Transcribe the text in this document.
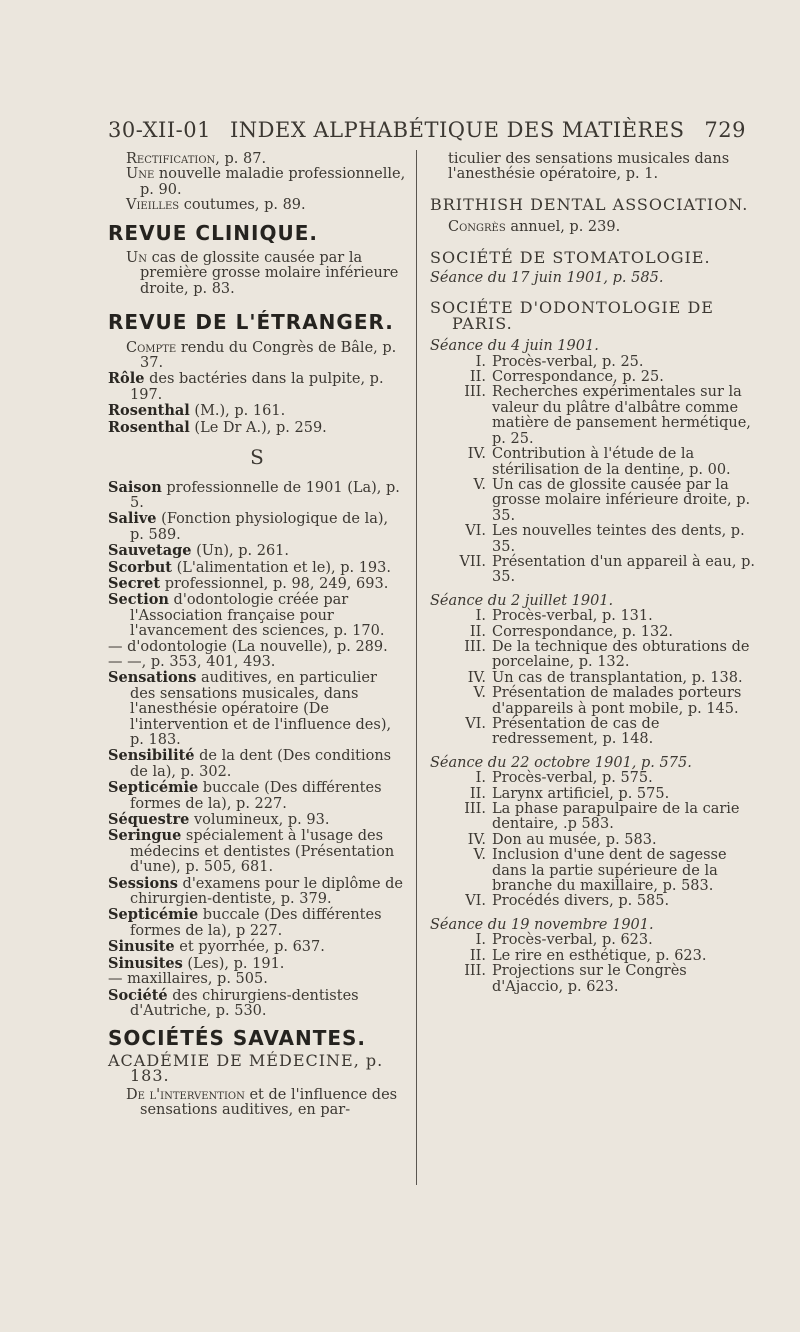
30-XII-01 INDEX ALPHABÉTIQUE DES MATIÈRES 729

Rectification, p. 87.

Une nouvelle maladie professionnelle, p. 90.

Vieilles coutumes, p. 89.

REVUE CLINIQUE.

Un cas de glossite causée par la première grosse molaire inférieure droite, p. 83.

REVUE DE L'ÉTRANGER.

Compte rendu du Congrès de Bâle, p. 37.

Rôle des bactéries dans la pulpite, p. 197.

Rosenthal (M.), p. 161.

Rosenthal (Le Dr A.), p. 259.

S

Saison professionnelle de 1901 (La), p. 5.

Salive (Fonction physiologique de la), p. 589.

Sauvetage (Un), p. 261.

Scorbut (L'alimentation et le), p. 193.

Secret professionnel, p. 98, 249, 693.

Section d'odontologie créée par l'Association française pour l'avancement des sciences, p. 170.

— d'odontologie (La nouvelle), p. 289.

— —, p. 353, 401, 493.

Sensations auditives, en particulier des sensations musicales, dans l'anesthésie opératoire (De l'intervention et de l'influence des), p. 183.

Sensibilité de la dent (Des conditions de la), p. 302.

Septicémie buccale (Des différentes formes de la), p. 227.

Séquestre volumineux, p. 93.

Seringue spécialement à l'usage des médecins et dentistes (Présentation d'une), p. 505, 681.

Sessions d'examens pour le diplôme de chirurgien-dentiste, p. 379.

Septicémie buccale (Des différentes formes de la), p 227.

Sinusite et pyorrhée, p. 637.

Sinusites (Les), p. 191.

— maxillaires, p. 505.

Société des chirurgiens-dentistes d'Autriche, p. 530.

SOCIÉTÉS SAVANTES.

ACADÉMIE DE MÉDECINE, p. 183.

De l'intervention et de l'influence des sensations auditives, en par-

ticulier des sensations musicales dans l'anesthésie opératoire, p. 1.

BRITHISH DENTAL ASSOCIATION.

Congrès annuel, p. 239.

SOCIÉTÉ DE STOMATOLOGIE.

Séance du 17 juin 1901, p. 585.

SOCIÉTE D'ODONTOLOGIE DE PARIS.

Séance du 4 juin 1901.

I. Procès-verbal, p. 25.

II. Correspondance, p. 25.

III. Recherches expérimentales sur la valeur du plâtre d'albâtre comme matière de pansement hermétique, p. 25.

IV. Contribution à l'étude de la stérilisation de la dentine, p. 00.

V. Un cas de glossite causée par la grosse molaire inférieure droite, p. 35.

VI. Les nouvelles teintes des dents, p. 35.

VII. Présentation d'un appareil à eau, p. 35.

Séance du 2 juillet 1901.

I. Procès-verbal, p. 131.

II. Correspondance, p. 132.

III. De la technique des obturations de porcelaine, p. 132.

IV. Un cas de transplantation, p. 138.

V. Présentation de malades porteurs d'appareils à pont mobile, p. 145.

VI. Présentation de cas de redressement, p. 148.

Séance du 22 octobre 1901, p. 575.

I. Procès-verbal, p. 575.

II. Larynx artificiel, p. 575.

III. La phase parapulpaire de la carie dentaire, .p 583.

IV. Don au musée, p. 583.

V. Inclusion d'une dent de sagesse dans la partie supérieure de la branche du maxillaire, p. 583.

VI. Procédés divers, p. 585.

Séance du 19 novembre 1901.

I. Procès-verbal, p. 623.

II. Le rire en esthétique, p. 623.

III. Projections sur le Congrès d'Ajaccio, p. 623.
